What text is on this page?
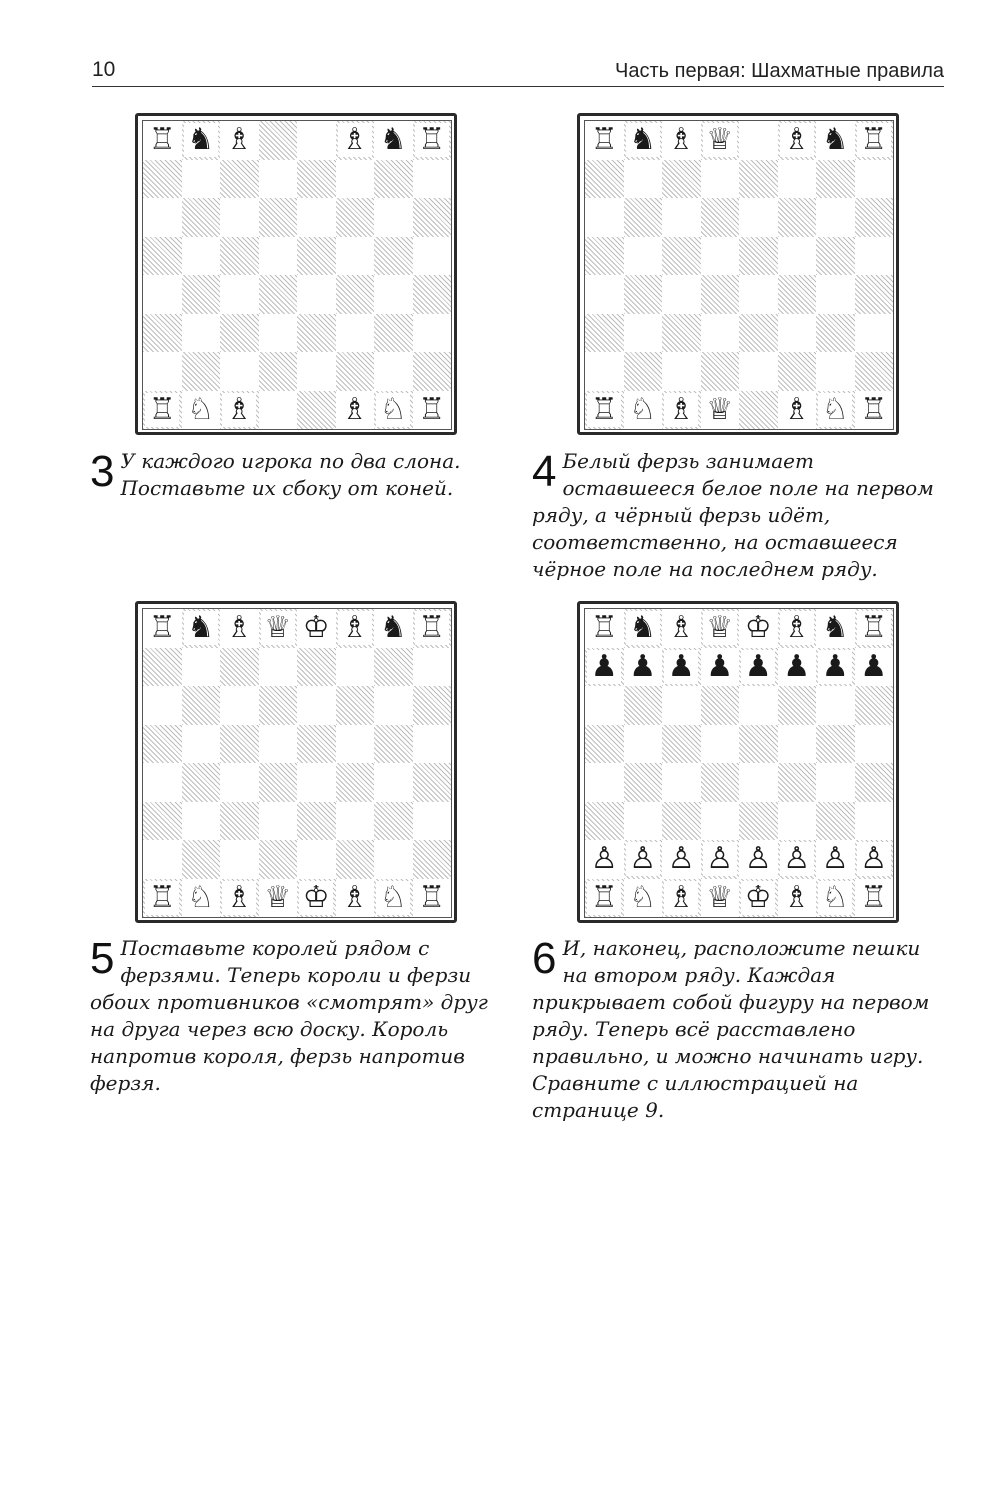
10	Часть первая: Шахматные правила
♖ ♞ ♗	♗ ♞ ♖
♖ ♘ ♗	♗ ♘ ♖
♖ ♞ ♗ ♕ ♗ ♞ ♖
♖ ♘ ♗ ♕ ♗ ♘ ♖
♖ ♞ ♗ ♕ ♔ ♗ ♞ ♖
♖ ♘ ♗ ♕ ♔ ♗ ♘ ♖
♖ ♞ ♗ ♕ ♔ ♗ ♞ ♖
♟ ♟ ♟ ♟ ♟ ♟ ♟ ♟
♙ ♙ ♙ ♙ ♙ ♙ ♙ ♙
♖ ♘ ♗ ♕ ♔ ♗ ♘ ♖
3 У каждого игрока по два слона. Поставьте их сбоку от коней.	4 Белый ферзь занимает оставшееся белое поле на первом ряду, а чёрный ферзь идёт, соответственно, на оставшееся чёрное поле на последнем ряду.
5 Поставьте королей рядом с ферзями. Теперь короли и ферзи обоих противников «смотрят» друг на друга через всю доску. Король напротив короля, ферзь напротив ферзя.
6 И, наконец, расположите пешки на втором ряду. Каждая прикрывает собой фигуру на первом ряду. Теперь всё расставлено правильно, и можно начинать игру. Сравните с иллюстрацией на странице 9.
